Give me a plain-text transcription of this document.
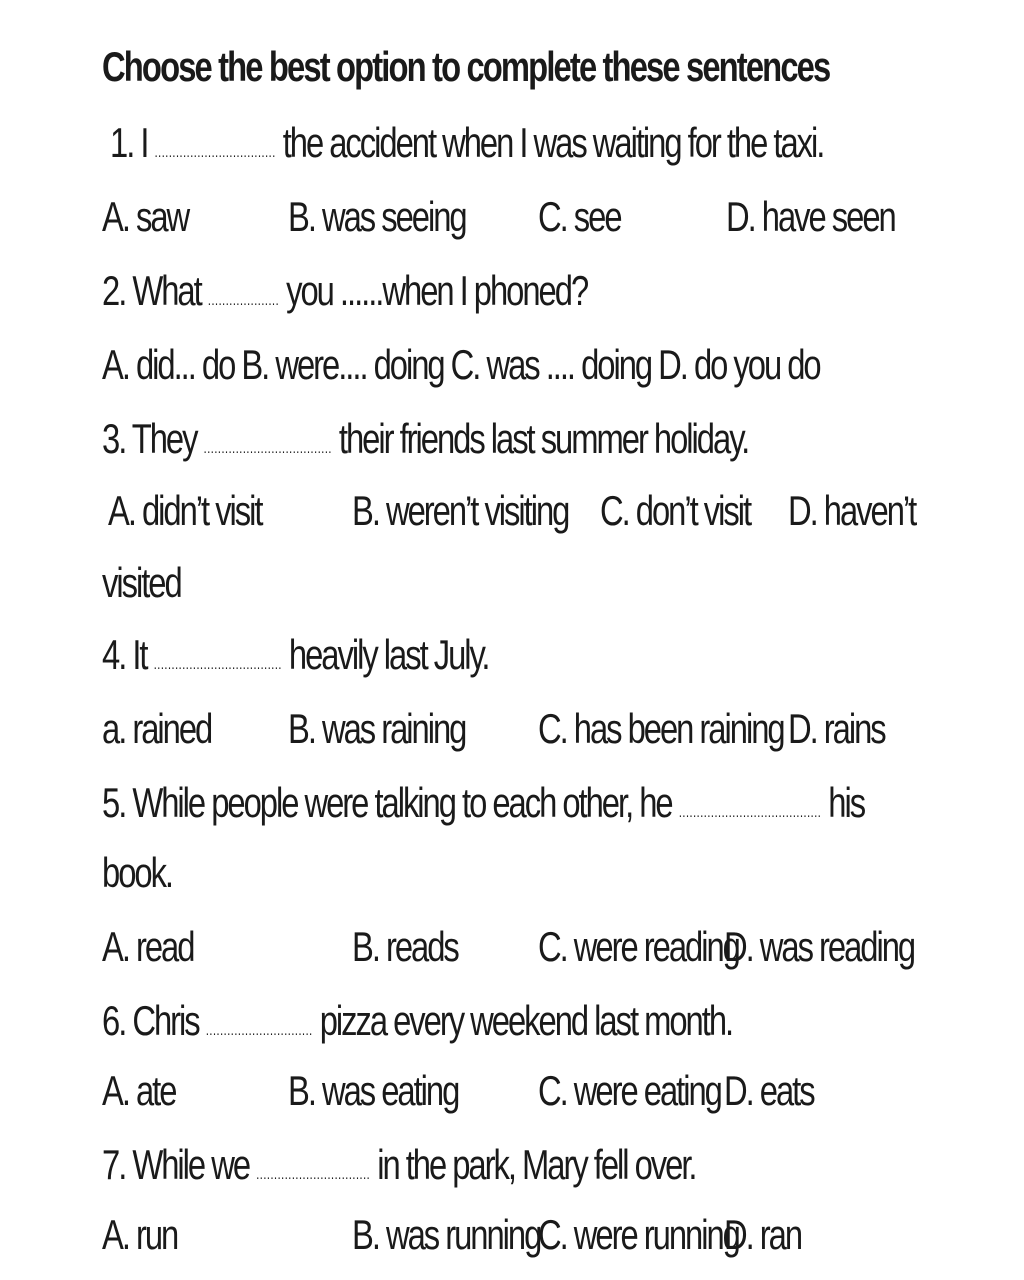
Choose the best option to complete these sentences
1. I .................................. the accident when I was waiting for the taxi.
A. saw B. was seeing C. see	D. have seen
2. What .................... you ......when I phoned?
A. did... do B. were.... doing C. was .... doing D. do you do
3. They .................................... their friends last summer holiday.
A. didn’t visit B. weren’t visiting C. don’t visit D. haven’t
visited
4. It .................................... heavily last July.
a. rained B. was raining C. has been raining D. rains
5. While people were talking to each other, he ........................................ his
book.
A. read	B. reads C. were reading
D. was reading
6. Chris .............................. pizza every weekend last month.
A. ate	B. was eating C. were eating D. eats
7. While we ................................ in the park, Mary fell over.
A. run	B. was running
C. were running
D. ran
